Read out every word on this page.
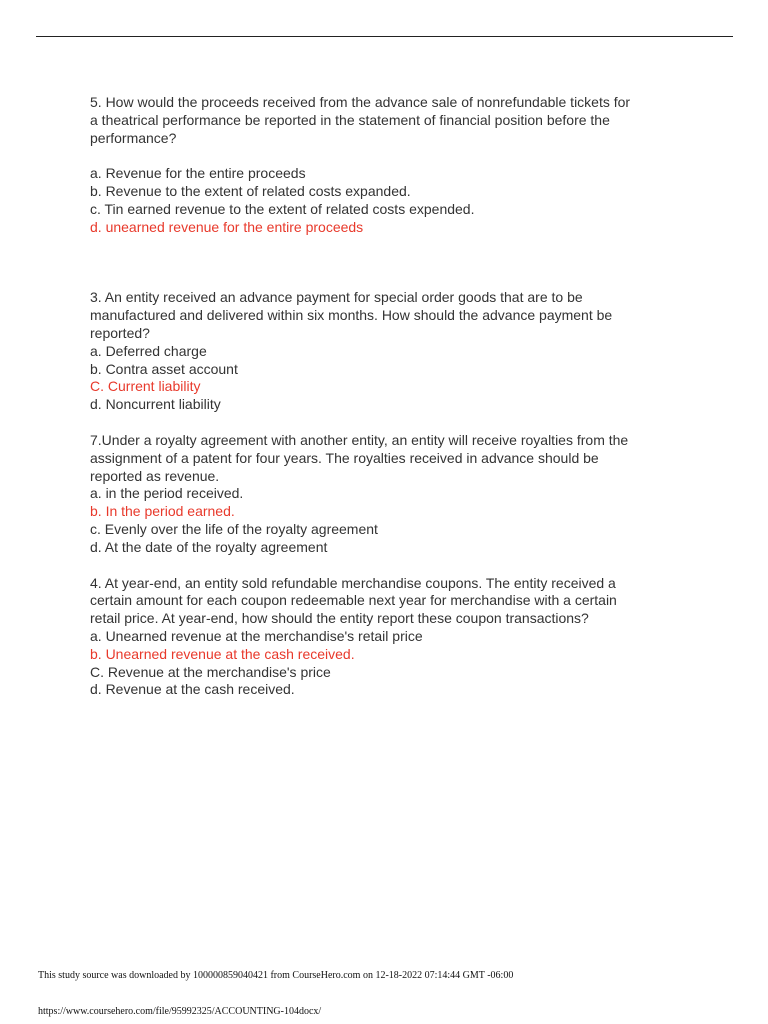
5. How would the proceeds received from the advance sale of nonrefundable tickets for
a theatrical performance be reported in the statement of financial position before the
performance?

a. Revenue for the entire proceeds
b. Revenue to the extent of related costs expanded.
c. Tin earned revenue to the extent of related costs expended.
d. unearned revenue for the entire proceeds

3. An entity received an advance payment for special order goods that are to be
manufactured and delivered within six months. How should the advance payment be
reported?

a. Deferred charge
b. Contra asset account
C. Current liability
d. Noncurrent liability

7.Under a royalty agreement with another entity, an entity will receive royalties from the
assignment of a patent for four years. The royalties received in advance should be
reported as revenue.

a. in the period received.
b. In the period earned.
c. Evenly over the life of the royalty agreement
d. At the date of the royalty agreement

4. At year-end, an entity sold refundable merchandise coupons. The entity received a
certain amount for each coupon redeemable next year for merchandise with a certain
retail price. At year-end, how should the entity report these coupon transactions?

a. Unearned revenue at the merchandise's retail price
b. Unearned revenue at the cash received.
C. Revenue at the merchandise's price
d. Revenue at the cash received.
This study source was downloaded by 100000859040421 from CourseHero.com on 12-18-2022 07:14:44 GMT -06:00
https://www.coursehero.com/file/95992325/ACCOUNTING-104docx/
